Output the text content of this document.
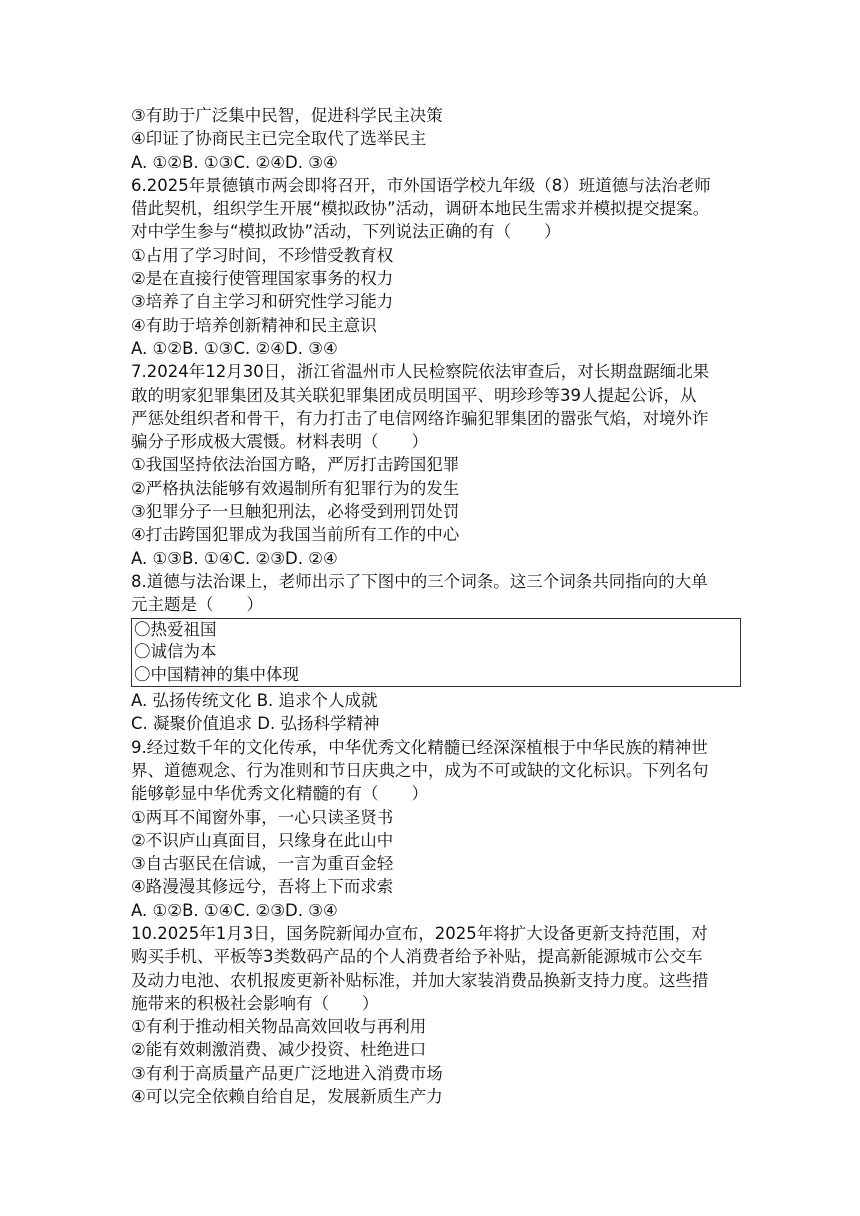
③有助于广泛集中民智，促进科学民主决策
④印证了协商民主已完全取代了选举民主
A. ①②B. ①③C. ②④D. ③④
6.2025年景德镇市两会即将召开，市外国语学校九年级（8）班道德与法治老师
借此契机，组织学生开展“模拟政协”活动，调研本地民生需求并模拟提交提案。
对中学生参与“模拟政协”活动，下列说法正确的有（　　）
①占用了学习时间，不珍惜受教育权
②是在直接行使管理国家事务的权力
③培养了自主学习和研究性学习能力
④有助于培养创新精神和民主意识
A. ①②B. ①③C. ②④D. ③④
7.2024年12月30日，浙江省温州市人民检察院依法审查后，对长期盘踞缅北果
敢的明家犯罪集团及其关联犯罪集团成员明国平、明珍珍等39人提起公诉，从
严惩处组织者和骨干，有力打击了电信网络诈骗犯罪集团的嚣张气焰，对境外诈
骗分子形成极大震慑。材料表明（　　）
①我国坚持依法治国方略，严厉打击跨国犯罪
②严格执法能够有效遏制所有犯罪行为的发生
③犯罪分子一旦触犯刑法，必将受到刑罚处罚
④打击跨国犯罪成为我国当前所有工作的中心
A. ①③B. ①④C. ②③D. ②④
8.道德与法治课上，老师出示了下图中的三个词条。这三个词条共同指向的大单
元主题是（　　）
〇热爱祖国
〇诚信为本
〇中国精神的集中体现
A. 弘扬传统文化 B. 追求个人成就
C. 凝聚价值追求 D. 弘扬科学精神
9.经过数千年的文化传承，中华优秀文化精髓已经深深植根于中华民族的精神世
界、道德观念、行为准则和节日庆典之中，成为不可或缺的文化标识。下列名句
能够彰显中华优秀文化精髓的有（　　）
①两耳不闻窗外事，一心只读圣贤书
②不识庐山真面目，只缘身在此山中
③自古驱民在信诚，一言为重百金轻
④路漫漫其修远兮，吾将上下而求索
A. ①②B. ①④C. ②③D. ③④
10.2025年1月3日，国务院新闻办宣布，2025年将扩大设备更新支持范围，对
购买手机、平板等3类数码产品的个人消费者给予补贴，提高新能源城市公交车
及动力电池、农机报废更新补贴标准，并加大家装消费品换新支持力度。这些措
施带来的积极社会影响有（　　）
①有利于推动相关物品高效回收与再利用
②能有效刺激消费、减少投资、杜绝进口
③有利于高质量产品更广泛地进入消费市场
④可以完全依赖自给自足，发展新质生产力
